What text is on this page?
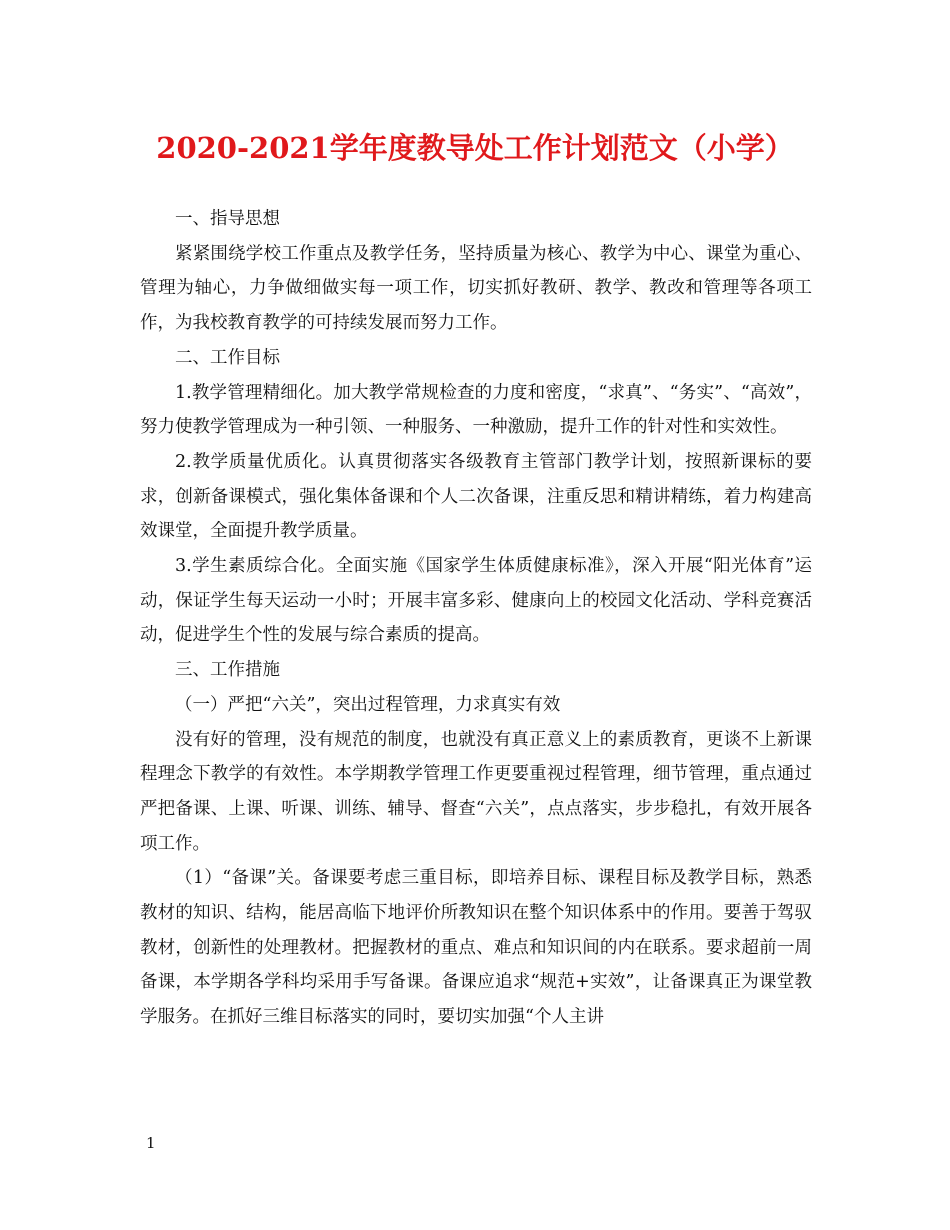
2020-2021学年度教导处工作计划范文（小学）

一、指导思想

紧紧围绕学校工作重点及教学任务，坚持质量为核心、教学为中心、课堂为重心、管理为轴心，力争做细做实每一项工作，切实抓好教研、教学、教改和管理等各项工作，为我校教育教学的可持续发展而努力工作。

二、工作目标

1.教学管理精细化。加大教学常规检查的力度和密度，“求真”、“务实”、“高效”，努力使教学管理成为一种引领、一种服务、一种激励，提升工作的针对性和实效性。

2.教学质量优质化。认真贯彻落实各级教育主管部门教学计划，按照新课标的要求，创新备课模式，强化集体备课和个人二次备课，注重反思和精讲精练，着力构建高效课堂，全面提升教学质量。

3.学生素质综合化。全面实施《国家学生体质健康标准》，深入开展“阳光体育”运动，保证学生每天运动一小时；开展丰富多彩、健康向上的校园文化活动、学科竞赛活动，促进学生个性的发展与综合素质的提高。

三、工作措施

（一）严把“六关”，突出过程管理，力求真实有效

没有好的管理，没有规范的制度，也就没有真正意义上的素质教育，更谈不上新课程理念下教学的有效性。本学期教学管理工作更要重视过程管理，细节管理，重点通过严把备课、上课、听课、训练、辅导、督查“六关”，点点落实，步步稳扎，有效开展各项工作。

（1）“备课”关。备课要考虑三重目标，即培养目标、课程目标及教学目标，熟悉教材的知识、结构，能居高临下地评价所教知识在整个知识体系中的作用。要善于驾驭教材，创新性的处理教材。把握教材的重点、难点和知识间的内在联系。要求超前一周备课，本学期各学科均采用手写备课。备课应追求“规范+实效”，让备课真正为课堂教学服务。在抓好三维目标落实的同时，要切实加强“个人主讲

1
